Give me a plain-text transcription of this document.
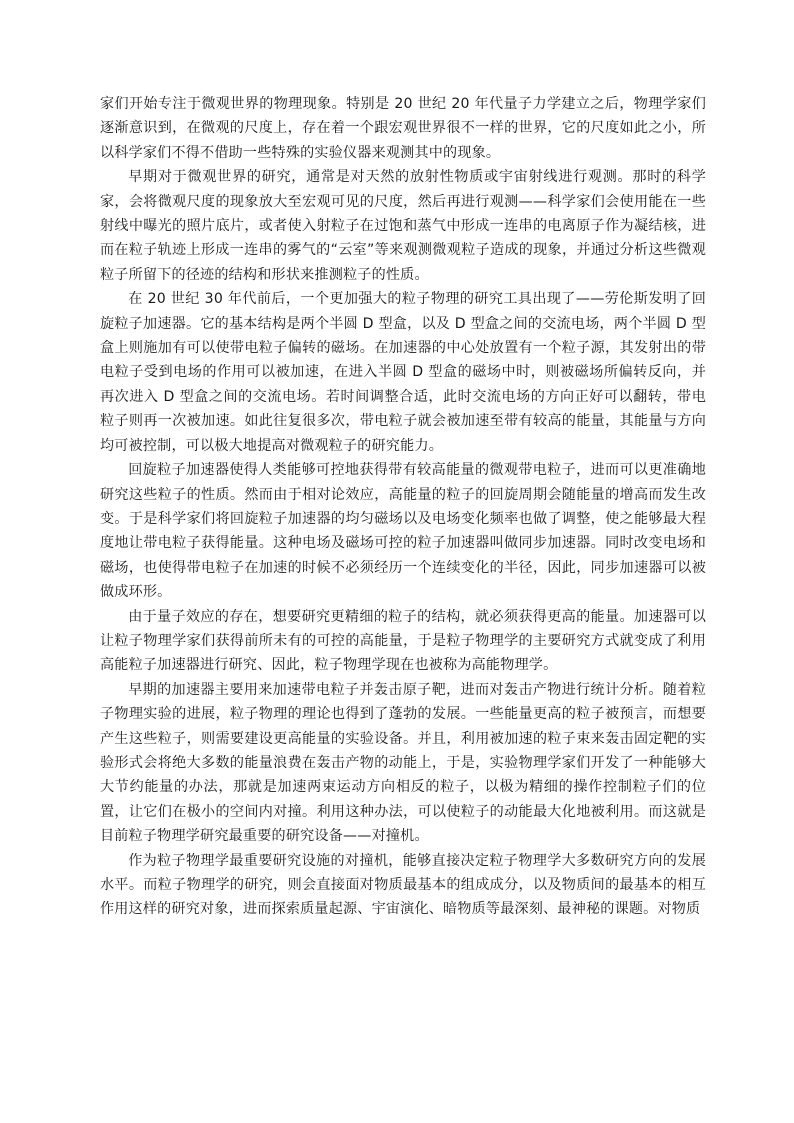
家们开始专注于微观世界的物理现象。特别是 20 世纪 20 年代量子力学建立之后，物理学家们逐渐意识到，在微观的尺度上，存在着一个跟宏观世界很不一样的世界，它的尺度如此之小，所以科学家们不得不借助一些特殊的实验仪器来观测其中的现象。

早期对于微观世界的研究，通常是对天然的放射性物质或宇宙射线进行观测。那时的科学家，会将微观尺度的现象放大至宏观可见的尺度，然后再进行观测——科学家们会使用能在一些射线中曝光的照片底片，或者使入射粒子在过饱和蒸气中形成一连串的电离原子作为凝结核，进而在粒子轨迹上形成一连串的雾气的“云室”等来观测微观粒子造成的现象，并通过分析这些微观粒子所留下的径迹的结构和形状来推测粒子的性质。

在 20 世纪 30 年代前后，一个更加强大的粒子物理的研究工具出现了——劳伦斯发明了回旋粒子加速器。它的基本结构是两个半圆 D 型盒，以及 D 型盒之间的交流电场，两个半圆 D 型盒上则施加有可以使带电粒子偏转的磁场。在加速器的中心处放置有一个粒子源，其发射出的带电粒子受到电场的作用可以被加速，在进入半圆 D 型盒的磁场中时，则被磁场所偏转反向，并再次进入 D 型盒之间的交流电场。若时间调整合适，此时交流电场的方向正好可以翻转，带电粒子则再一次被加速。如此往复很多次，带电粒子就会被加速至带有较高的能量，其能量与方向均可被控制，可以极大地提高对微观粒子的研究能力。

回旋粒子加速器使得人类能够可控地获得带有较高能量的微观带电粒子，进而可以更准确地研究这些粒子的性质。然而由于相对论效应，高能量的粒子的回旋周期会随能量的增高而发生改变。于是科学家们将回旋粒子加速器的均匀磁场以及电场变化频率也做了调整，使之能够最大程度地让带电粒子获得能量。这种电场及磁场可控的粒子加速器叫做同步加速器。同时改变电场和磁场，也使得带电粒子在加速的时候不必须经历一个连续变化的半径，因此，同步加速器可以被做成环形。

由于量子效应的存在，想要研究更精细的粒子的结构，就必须获得更高的能量。加速器可以让粒子物理学家们获得前所未有的可控的高能量，于是粒子物理学的主要研究方式就变成了利用高能粒子加速器进行研究、因此，粒子物理学现在也被称为高能物理学。

早期的加速器主要用来加速带电粒子并轰击原子靶，进而对轰击产物进行统计分析。随着粒子物理实验的进展，粒子物理的理论也得到了蓬勃的发展。一些能量更高的粒子被预言，而想要产生这些粒子，则需要建设更高能量的实验设备。并且，利用被加速的粒子束来轰击固定靶的实验形式会将绝大多数的能量浪费在轰击产物的动能上，于是，实验物理学家们开发了一种能够大大节约能量的办法，那就是加速两束运动方向相反的粒子，以极为精细的操作控制粒子们的位置，让它们在极小的空间内对撞。利用这种办法，可以使粒子的动能最大化地被利用。而这就是目前粒子物理学研究最重要的研究设备——对撞机。

作为粒子物理学最重要研究设施的对撞机，能够直接决定粒子物理学大多数研究方向的发展水平。而粒子物理学的研究，则会直接面对物质最基本的组成成分，以及物质间的最基本的相互作用这样的研究对象，进而探索质量起源、宇宙演化、暗物质等最深刻、最神秘的课题。对物质
